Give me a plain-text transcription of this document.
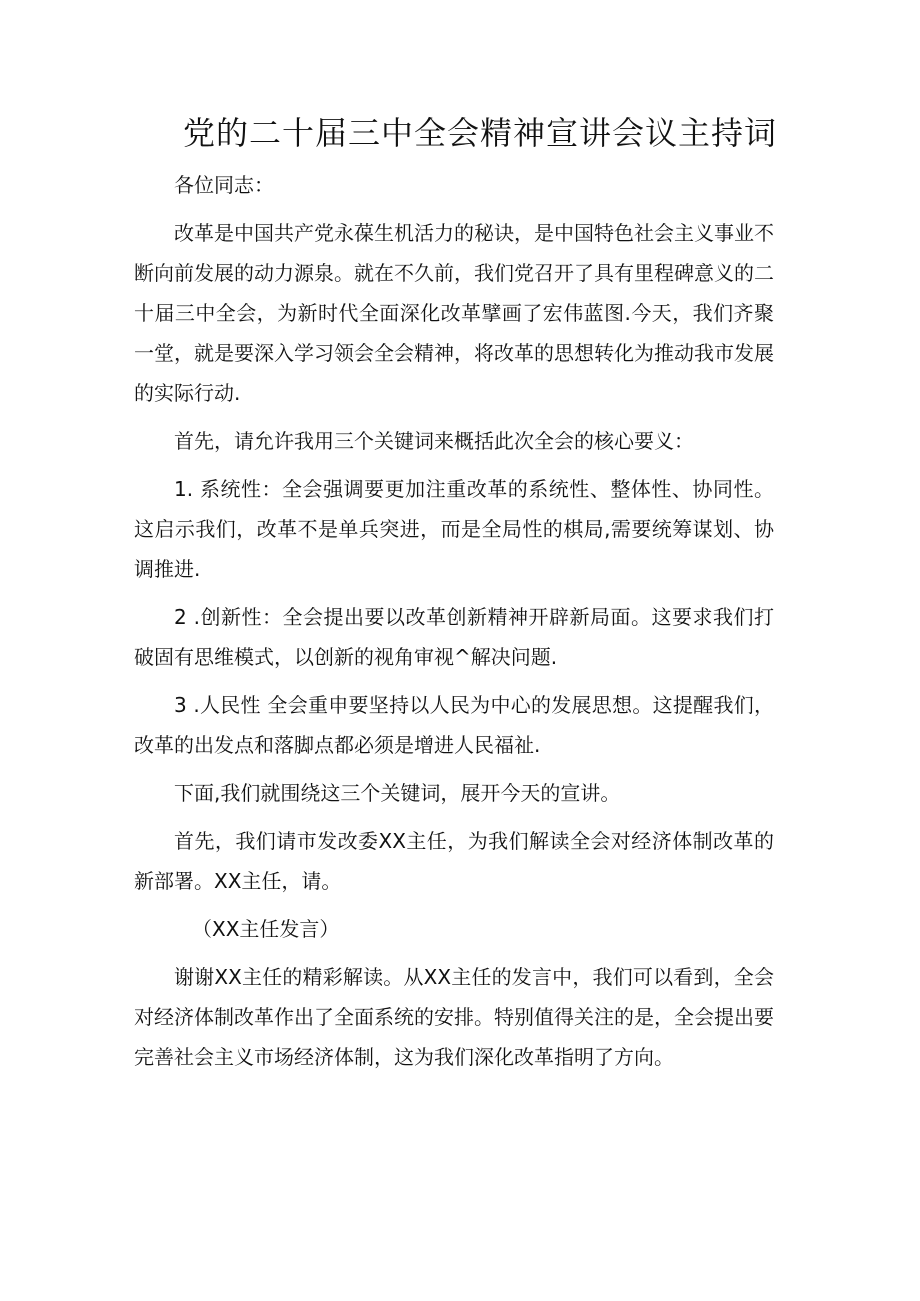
党的二十届三中全会精神宣讲会议主持词

各位同志：

改革是中国共产党永葆生机活力的秘诀，是中国特色社会主义事业不断向前发展的动力源泉。就在不久前，我们党召开了具有里程碑意义的二十届三中全会，为新时代全面深化改革擘画了宏伟蓝图.今天，我们齐聚一堂，就是要深入学习领会全会精神，将改革的思想转化为推动我市发展的实际行动.

首先，请允许我用三个关键词来概括此次全会的核心要义：

1. 系统性：全会强调要更加注重改革的系统性、整体性、协同性。这启示我们，改革不是单兵突进，而是全局性的棋局,需要统筹谋划、协调推进.

2 .创新性：全会提出要以改革创新精神开辟新局面。这要求我们打破固有思维模式，以创新的视角审视^解决问题.

3 .人民性 全会重申要坚持以人民为中心的发展思想。这提醒我们，改革的出发点和落脚点都必须是增进人民福祉.

下面,我们就围绕这三个关键词，展开今天的宣讲。

首先，我们请市发改委XX主任，为我们解读全会对经济体制改革的新部署。XX主任，请。

（XX主任发言）

谢谢XX主任的精彩解读。从XX主任的发言中，我们可以看到，全会对经济体制改革作出了全面系统的安排。特别值得关注的是，全会提出要完善社会主义市场经济体制，这为我们深化改革指明了方向。
